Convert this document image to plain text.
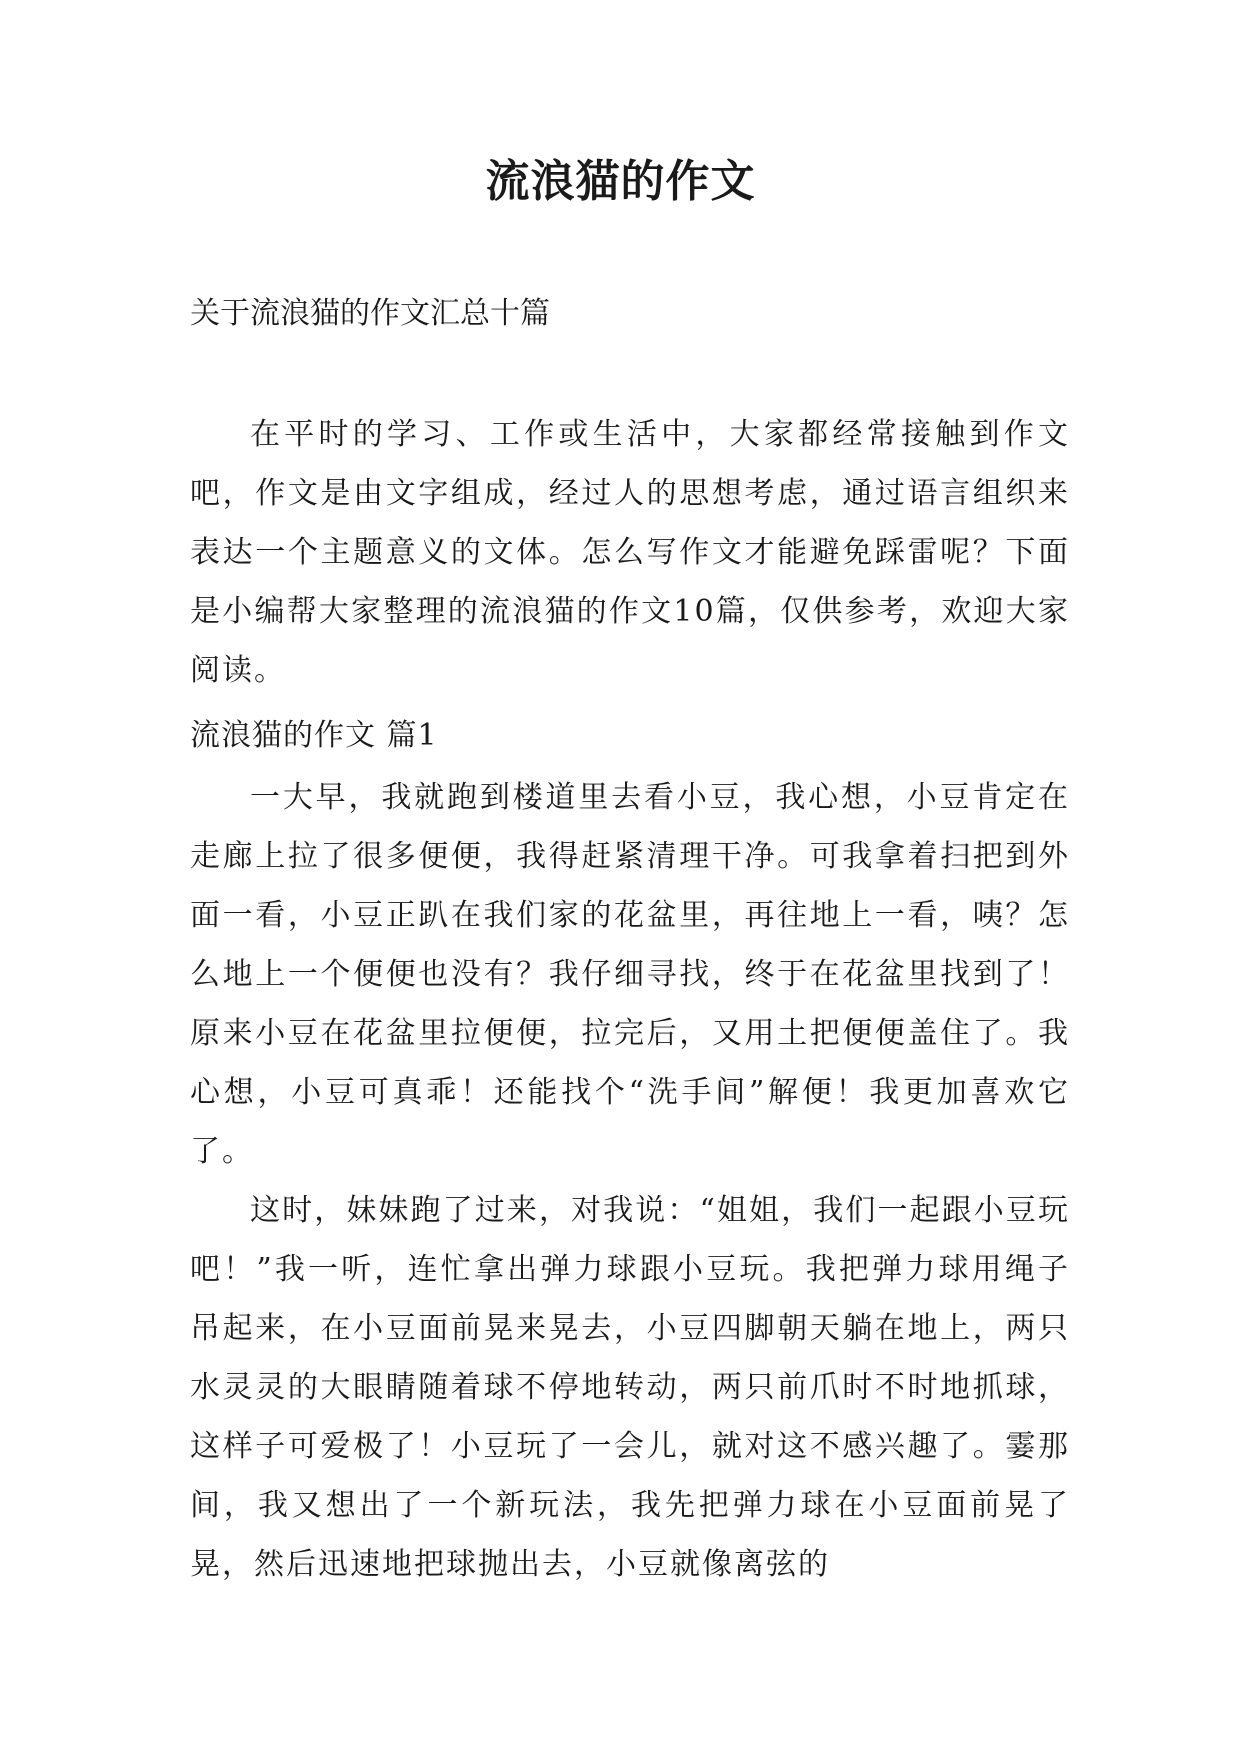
流浪猫的作文

关于流浪猫的作文汇总十篇

在平时的学习、工作或生活中，大家都经常接触到作文吧，作文是由文字组成，经过人的思想考虑，通过语言组织来表达一个主题意义的文体。怎么写作文才能避免踩雷呢？下面是小编帮大家整理的流浪猫的作文10篇，仅供参考，欢迎大家阅读。

流浪猫的作文 篇1

一大早，我就跑到楼道里去看小豆，我心想，小豆肯定在走廊上拉了很多便便，我得赶紧清理干净。可我拿着扫把到外面一看，小豆正趴在我们家的花盆里，再往地上一看，咦？怎么地上一个便便也没有？我仔细寻找，终于在花盆里找到了！原来小豆在花盆里拉便便，拉完后，又用土把便便盖住了。我心想，小豆可真乖！还能找个“洗手间”解便！我更加喜欢它了。

这时，妹妹跑了过来，对我说：“姐姐，我们一起跟小豆玩吧！”我一听，连忙拿出弹力球跟小豆玩。我把弹力球用绳子吊起来，在小豆面前晃来晃去，小豆四脚朝天躺在地上，两只水灵灵的大眼睛随着球不停地转动，两只前爪时不时地抓球，这样子可爱极了！小豆玩了一会儿，就对这不感兴趣了。霎那间，我又想出了一个新玩法，我先把弹力球在小豆面前晃了晃，然后迅速地把球抛出去，小豆就像离弦的
